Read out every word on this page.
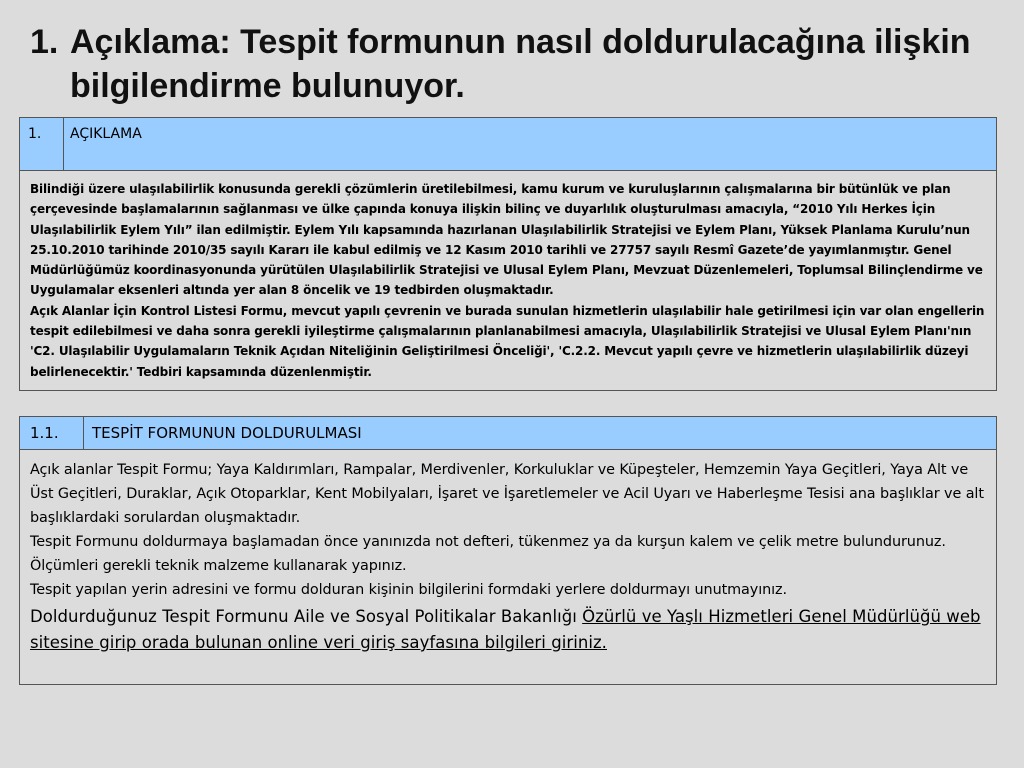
1. Açıklama: Tespit formunun nasıl doldurulacağına ilişkin bilgilendirme bulunuyor.
1.	AÇIKLAMA

Bilindiği üzere ulaşılabilirlik konusunda gerekli çözümlerin üretilebilmesi, kamu kurum ve kuruluşlarının çalışmalarına bir bütünlük ve plan çerçevesinde başlamalarının sağlanması ve ülke çapında konuya ilişkin bilinç ve duyarlılık oluşturulması amacıyla, “2010 Yılı Herkes İçin Ulaşılabilirlik Eylem Yılı” ilan edilmiştir. Eylem Yılı kapsamında hazırlanan Ulaşılabilirlik Stratejisi ve Eylem Planı, Yüksek Planlama Kurulu’nun 25.10.2010 tarihinde 2010/35 sayılı Kararı ile kabul edilmiş ve 12 Kasım 2010 tarihli ve 27757 sayılı Resmî Gazete’de yayımlanmıştır. Genel Müdürlüğümüz koordinasyonunda yürütülen Ulaşılabilirlik Stratejisi ve Ulusal Eylem Planı, Mevzuat Düzenlemeleri, Toplumsal Bilinçlendirme ve Uygulamalar eksenleri altında yer alan 8 öncelik ve 19 tedbirden oluşmaktadır.

Açık Alanlar İçin Kontrol Listesi Formu, mevcut yapılı çevrenin ve burada sunulan hizmetlerin ulaşılabilir hale getirilmesi için var olan engellerin tespit edilebilmesi ve daha sonra gerekli iyileştirme çalışmalarının planlanabilmesi amacıyla, Ulaşılabilirlik Stratejisi ve Ulusal Eylem Planı'nın 'C2. Ulaşılabilir Uygulamaların Teknik Açıdan Niteliğinin Geliştirilmesi Önceliği', 'C.2.2. Mevcut yapılı çevre ve hizmetlerin ulaşılabilirlik düzeyi belirlenecektir.' Tedbiri kapsamında düzenlenmiştir.

1.1.	TESPİT FORMUNUN DOLDURULMASI

Açık alanlar Tespit Formu; Yaya Kaldırımları, Rampalar, Merdivenler, Korkuluklar ve Küpeşteler, Hemzemin Yaya Geçitleri, Yaya Alt ve Üst Geçitleri, Duraklar, Açık Otoparklar, Kent Mobilyaları, İşaret ve İşaretlemeler ve Acil Uyarı ve Haberleşme Tesisi ana başlıklar ve alt başlıklardaki sorulardan oluşmaktadır.

Tespit Formunu doldurmaya başlamadan önce yanınızda not defteri, tükenmez ya da kurşun kalem ve çelik metre bulundurunuz. Ölçümleri gerekli teknik malzeme kullanarak yapınız.

Tespit yapılan yerin adresini ve formu dolduran kişinin bilgilerini formdaki yerlere doldurmayı unutmayınız.

Doldurduğunuz Tespit Formunu Aile ve Sosyal Politikalar Bakanlığı Özürlü ve Yaşlı Hizmetleri Genel Müdürlüğü web sitesine girip orada bulunan online veri giriş sayfasına bilgileri giriniz.
